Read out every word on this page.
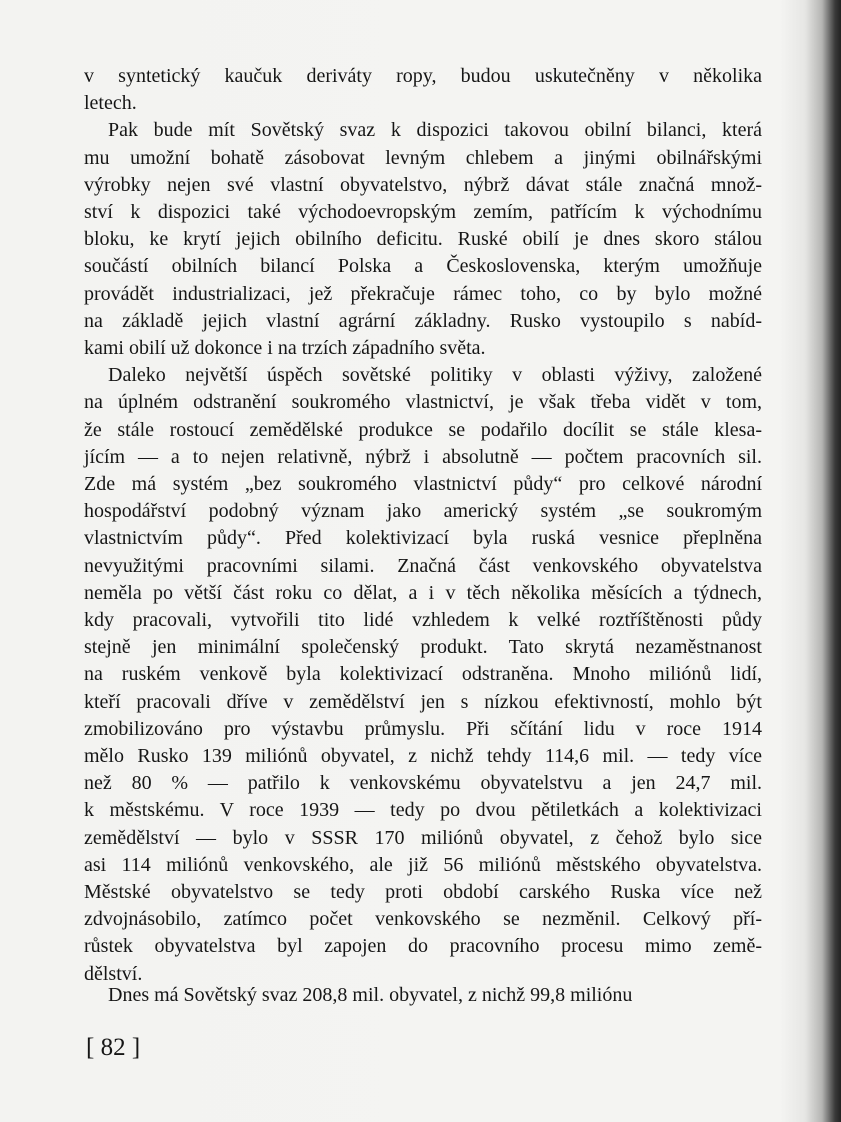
v syntetický kaučuk deriváty ropy, budou uskutečněny v několika
letech.
Pak bude mít Sovětský svaz k dispozici takovou obilní bilanci, která
mu umožní bohatě zásobovat levným chlebem a jinými obilnářskými
výrobky nejen své vlastní obyvatelstvo, nýbrž dávat stále značná množ-
ství k dispozici také východoevropským zemím, patřícím k východnímu
bloku, ke krytí jejich obilního deficitu. Ruské obilí je dnes skoro stálou
součástí obilních bilancí Polska a Československa, kterým umožňuje
provádět industrializaci, jež překračuje rámec toho, co by bylo možné
na základě jejich vlastní agrární základny. Rusko vystoupilo s nabíd-
kami obilí už dokonce i na trzích západního světa.
Daleko největší úspěch sovětské politiky v oblasti výživy, založené
na úplném odstranění soukromého vlastnictví, je však třeba vidět v tom,
že stále rostoucí zemědělské produkce se podařilo docílit se stále klesa-
jícím — a to nejen relativně, nýbrž i absolutně — počtem pracovních sil.
Zde má systém „bez soukromého vlastnictví půdy“ pro celkové národní
hospodářství podobný význam jako americký systém „se soukromým
vlastnictvím půdy“. Před kolektivizací byla ruská vesnice přeplněna
nevyužitými pracovními silami. Značná část venkovského obyvatelstva
neměla po větší část roku co dělat, a i v těch několika měsících a týdnech,
kdy pracovali, vytvořili tito lidé vzhledem k velké roztříštěnosti půdy
stejně jen minimální společenský produkt. Tato skrytá nezaměstnanost
na ruském venkově byla kolektivizací odstraněna. Mnoho miliónů lidí,
kteří pracovali dříve v zemědělství jen s nízkou efektivností, mohlo být
zmobilizováno pro výstavbu průmyslu. Při sčítání lidu v roce 1914
mělo Rusko 139 miliónů obyvatel, z nichž tehdy 114,6 mil. — tedy více
než 80 % — patřilo k venkovskému obyvatelstvu a jen 24,7 mil.
k městskému. V roce 1939 — tedy po dvou pětiletkách a kolektivizaci
zemědělství — bylo v SSSR 170 miliónů obyvatel, z čehož bylo sice
asi 114 miliónů venkovského, ale již 56 miliónů městského obyvatelstva.
Městské obyvatelstvo se tedy proti období carského Ruska více než
zdvojnásobilo, zatímco počet venkovského se nezměnil. Celkový pří-
růstek obyvatelstva byl zapojen do pracovního procesu mimo země-
dělství.
Dnes má Sovětský svaz 208,8 mil. obyvatel, z nichž 99,8 miliónu
[ 82 ]
